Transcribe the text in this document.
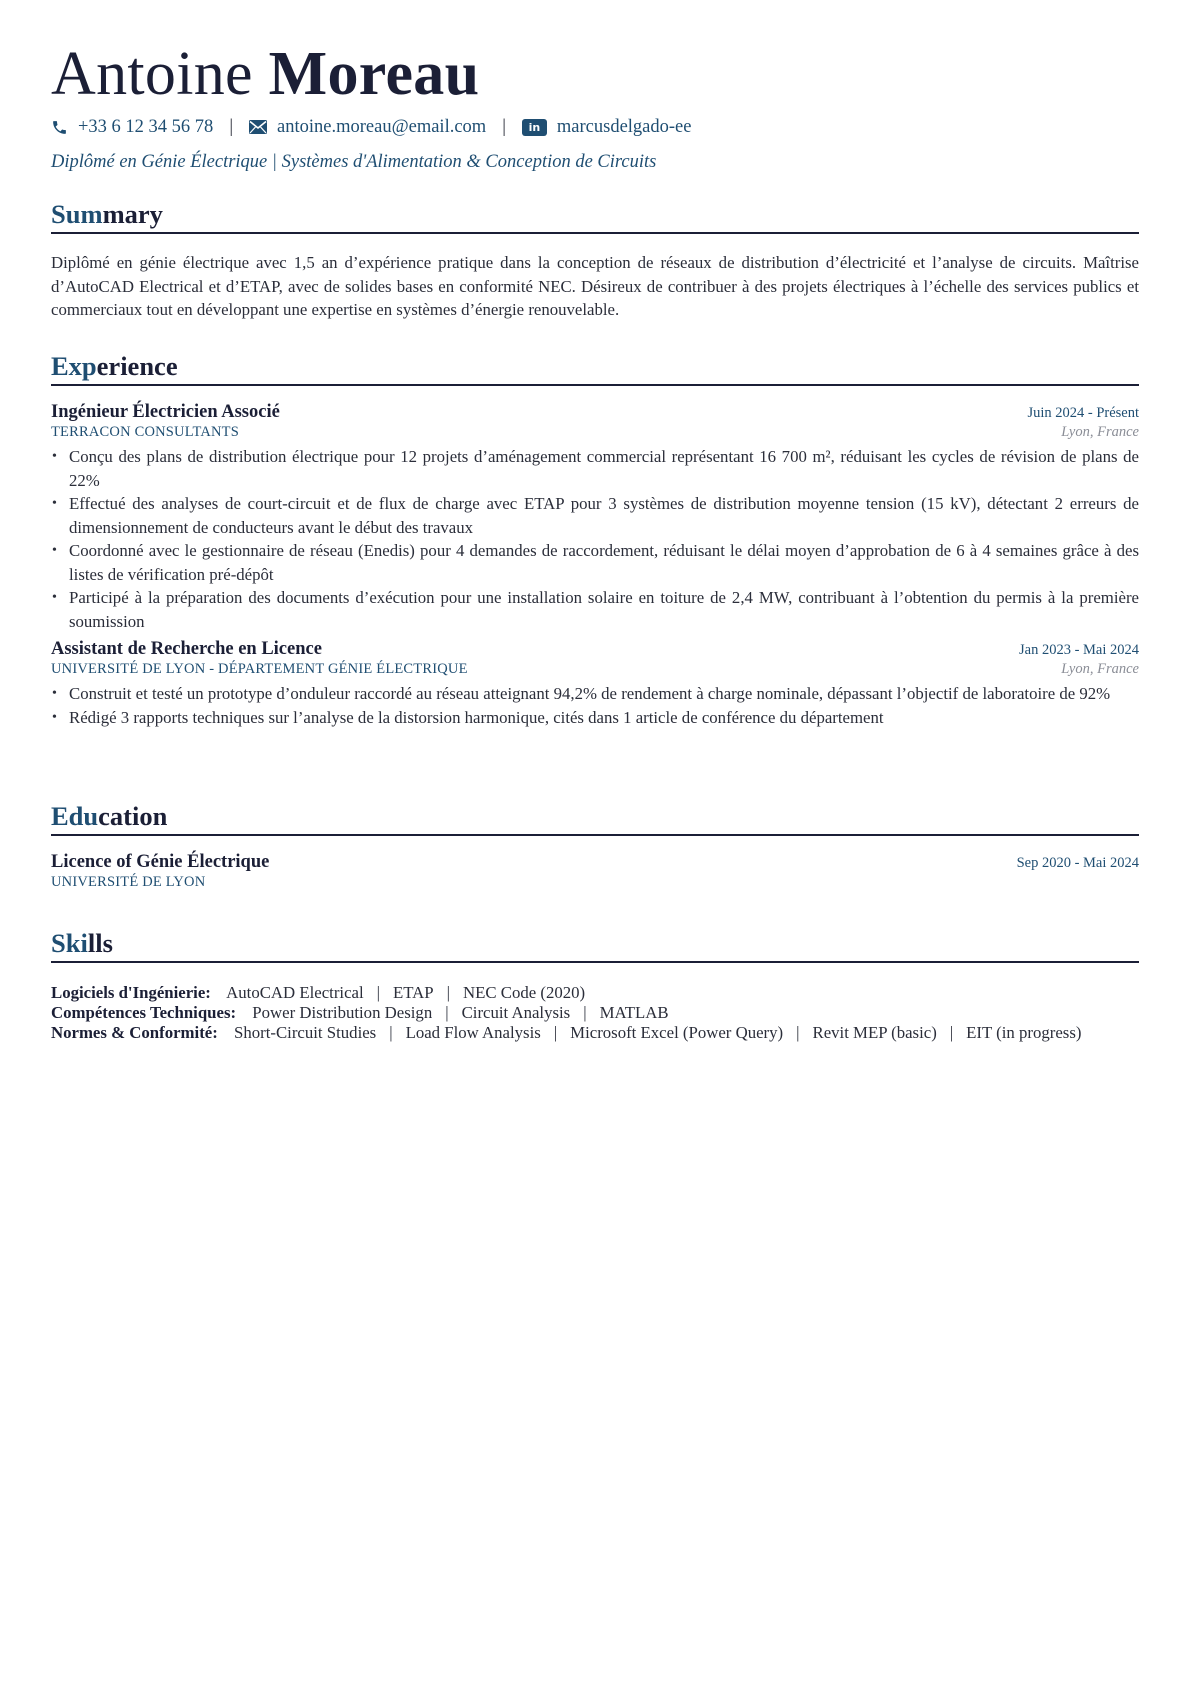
Antoine Moreau
+33 6 12 34 56 78 | antoine.moreau@email.com |	in marcusdelgado-ee
Diplômé en Génie Électrique | Systèmes d'Alimentation & Conception de Circuits
Summary

Diplômé en génie électrique avec 1,5 an d’expérience pratique dans la conception de réseaux de distribution d’électricité et l’analyse de circuits. Maîtrise d’AutoCAD Electrical et d’ETAP, avec de solides bases en conformité NEC. Désireux de contribuer à des projets électriques à l’échelle des services publics et commerciaux tout en développant une expertise en systèmes d’énergie renouvelable.

Experience
Ingénieur Électricien Associé	Juin 2024 - Présent
TERRACON CONSULTANTS	Lyon, France
• Conçu des plans de distribution électrique pour 12 projets d’aménagement commercial représentant 16 700 m², réduisant les cycles de révision de plans de 22%
• Effectué des analyses de court-circuit et de flux de charge avec ETAP pour 3 systèmes de distribution moyenne tension (15 kV), détectant 2 erreurs de dimensionnement de conducteurs avant le début des travaux
• Coordonné avec le gestionnaire de réseau (Enedis) pour 4 demandes de raccordement, réduisant le délai moyen d’approbation de 6 à 4 semaines grâce à des listes de vérification pré-dépôt
• Participé à la préparation des documents d’exécution pour une installation solaire en toiture de 2,4 MW, contribuant à l’obtention du permis à la première soumission
Assistant de Recherche en Licence	Jan 2023 - Mai 2024
UNIVERSITÉ DE LYON - DÉPARTEMENT GÉNIE ÉLECTRIQUE	Lyon, France
• Construit et testé un prototype d’onduleur raccordé au réseau atteignant 94,2% de rendement à charge nominale, dépassant l’objectif de laboratoire de 92%
• Rédigé 3 rapports techniques sur l’analyse de la distorsion harmonique, cités dans 1 article de conférence du département
Education
Licence of Génie Électrique	Sep 2020 - Mai 2024
UNIVERSITÉ DE LYON
Skills
Logiciels d'Ingénierie: AutoCAD Electrical | ETAP | NEC Code (2020)
Compétences Techniques: Power Distribution Design | Circuit Analysis | MATLAB
Normes & Conformité: Short-Circuit Studies | Load Flow Analysis | Microsoft Excel (Power Query) | Revit MEP (basic) | EIT (in progress)
